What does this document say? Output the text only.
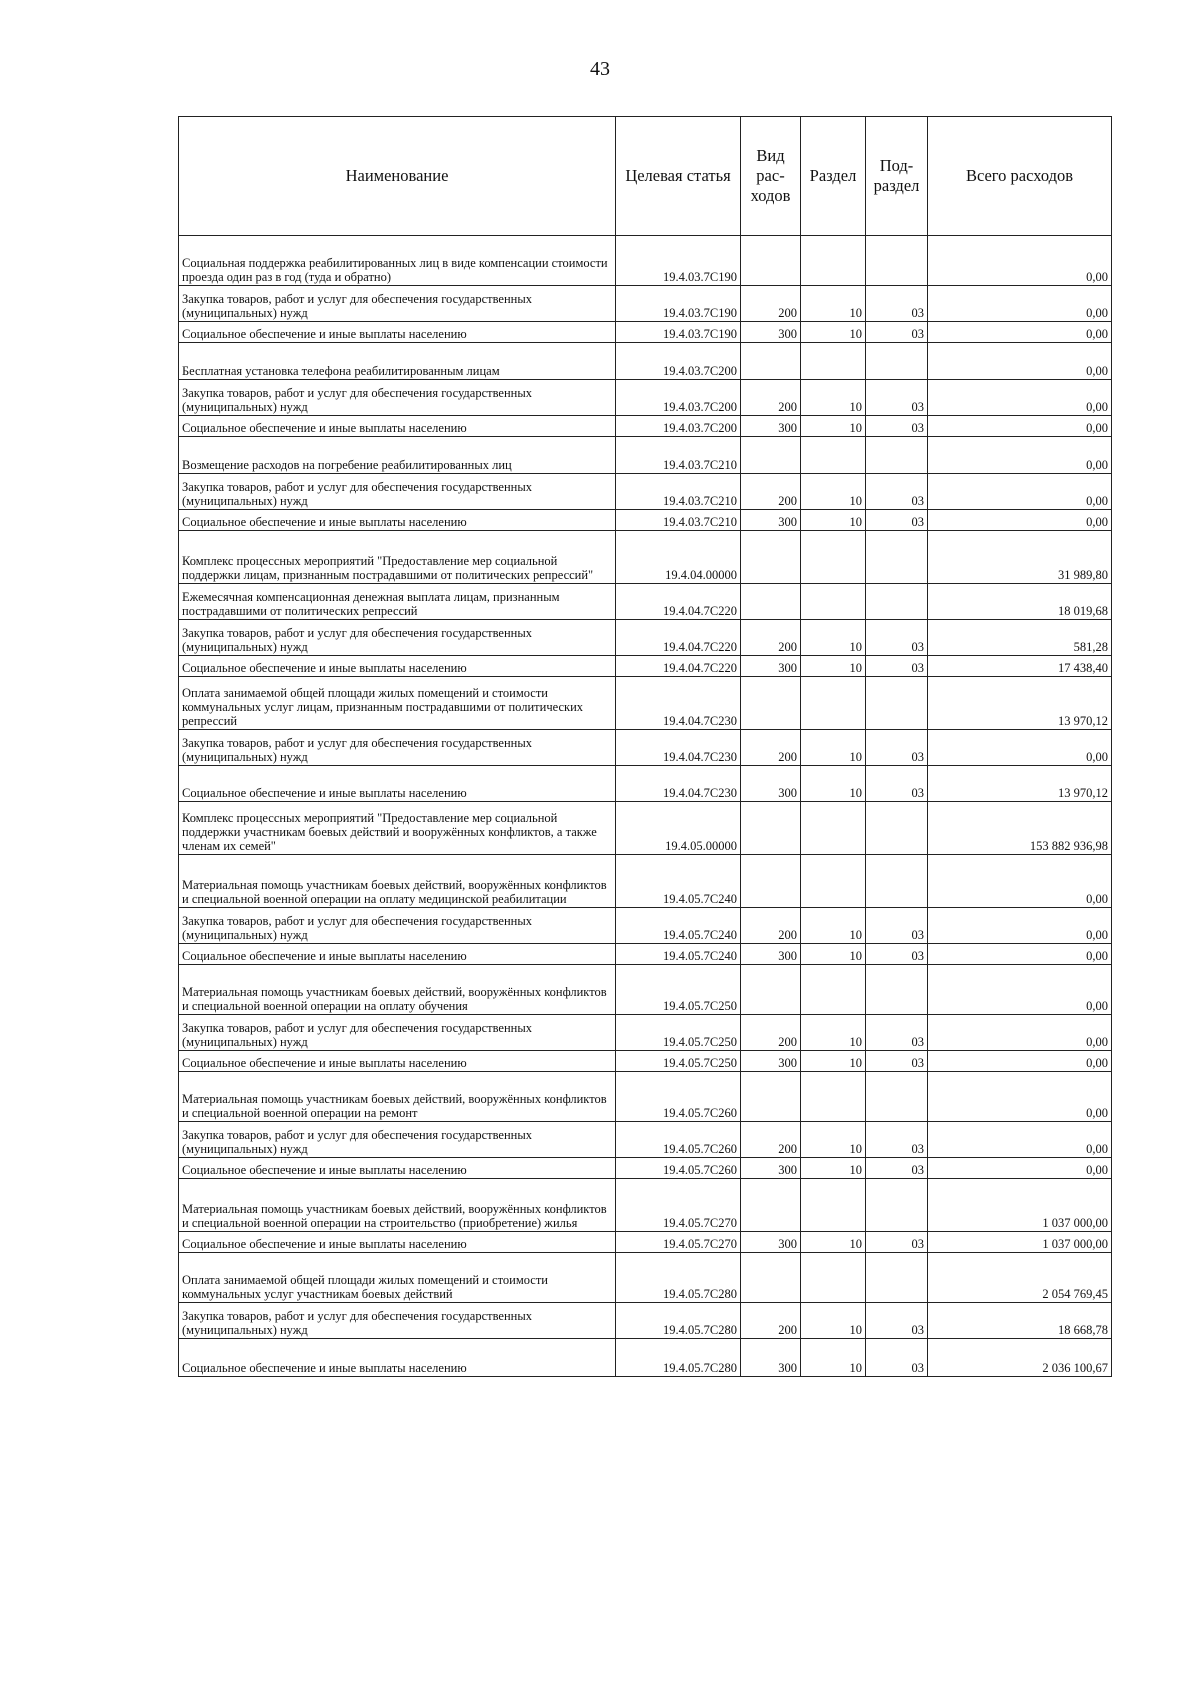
43
Наименование	Целевая статья	Вид рас-ходов	Раздел	Под-раздел	Всего расходов
Социальная поддержка реабилитированных лиц в виде компенсации стоимости проезда один раз в год (туда и обратно)	19.4.03.7С190				0,00
Закупка товаров, работ и услуг для обеспечения государственных (муниципальных) нужд	19.4.03.7С190	200	10	03	0,00
Социальное обеспечение и иные выплаты населению	19.4.03.7С190	300	10	03	0,00
Бесплатная установка телефона реабилитированным лицам	19.4.03.7С200				0,00
Закупка товаров, работ и услуг для обеспечения государственных (муниципальных) нужд	19.4.03.7С200	200	10	03	0,00
Социальное обеспечение и иные выплаты населению	19.4.03.7С200	300	10	03	0,00
Возмещение расходов на погребение реабилитированных лиц	19.4.03.7С210				0,00
Закупка товаров, работ и услуг для обеспечения государственных (муниципальных) нужд	19.4.03.7С210	200	10	03	0,00
Социальное обеспечение и иные выплаты населению	19.4.03.7С210	300	10	03	0,00
Комплекс процессных мероприятий "Предоставление мер социальной поддержки лицам, признанным пострадавшими от политических репрессий"	19.4.04.00000				31 989,80
Ежемесячная компенсационная денежная выплата лицам, признанным пострадавшими от политических репрессий	19.4.04.7С220				18 019,68
Закупка товаров, работ и услуг для обеспечения государственных (муниципальных) нужд	19.4.04.7С220	200	10	03	581,28
Социальное обеспечение и иные выплаты населению	19.4.04.7С220	300	10	03	17 438,40
Оплата занимаемой общей площади жилых помещений и стоимости коммунальных услуг лицам, признанным пострадавшими от политических репрессий	19.4.04.7С230				13 970,12
Закупка товаров, работ и услуг для обеспечения государственных (муниципальных) нужд	19.4.04.7С230	200	10	03	0,00
Социальное обеспечение и иные выплаты населению	19.4.04.7С230	300	10	03	13 970,12
Комплекс процессных мероприятий "Предоставление мер социальной поддержки участникам боевых действий и вооружённых конфликтов, а также членам их семей"	19.4.05.00000				153 882 936,98
Материальная помощь участникам боевых действий, вооружённых конфликтов и специальной военной операции на оплату медицинской реабилитации	19.4.05.7С240				0,00
Закупка товаров, работ и услуг для обеспечения государственных (муниципальных) нужд	19.4.05.7С240	200	10	03	0,00
Социальное обеспечение и иные выплаты населению	19.4.05.7С240	300	10	03	0,00
Материальная помощь участникам боевых действий, вооружённых конфликтов и специальной военной операции на оплату обучения	19.4.05.7С250				0,00
Закупка товаров, работ и услуг для обеспечения государственных (муниципальных) нужд	19.4.05.7С250	200	10	03	0,00
Социальное обеспечение и иные выплаты населению	19.4.05.7С250	300	10	03	0,00
Материальная помощь участникам боевых действий, вооружённых конфликтов и специальной военной операции на ремонт	19.4.05.7С260				0,00
Закупка товаров, работ и услуг для обеспечения государственных (муниципальных) нужд	19.4.05.7С260	200	10	03	0,00
Социальное обеспечение и иные выплаты населению	19.4.05.7С260	300	10	03	0,00
Материальная помощь участникам боевых действий, вооружённых конфликтов и специальной военной операции на строительство (приобретение) жилья	19.4.05.7С270				1 037 000,00
Социальное обеспечение и иные выплаты населению	19.4.05.7С270	300	10	03	1 037 000,00
Оплата занимаемой общей площади жилых помещений и стоимости коммунальных услуг участникам боевых действий	19.4.05.7С280				2 054 769,45
Закупка товаров, работ и услуг для обеспечения государственных (муниципальных) нужд	19.4.05.7С280	200	10	03	18 668,78
Социальное обеспечение и иные выплаты населению	19.4.05.7С280	300	10	03	2 036 100,67
